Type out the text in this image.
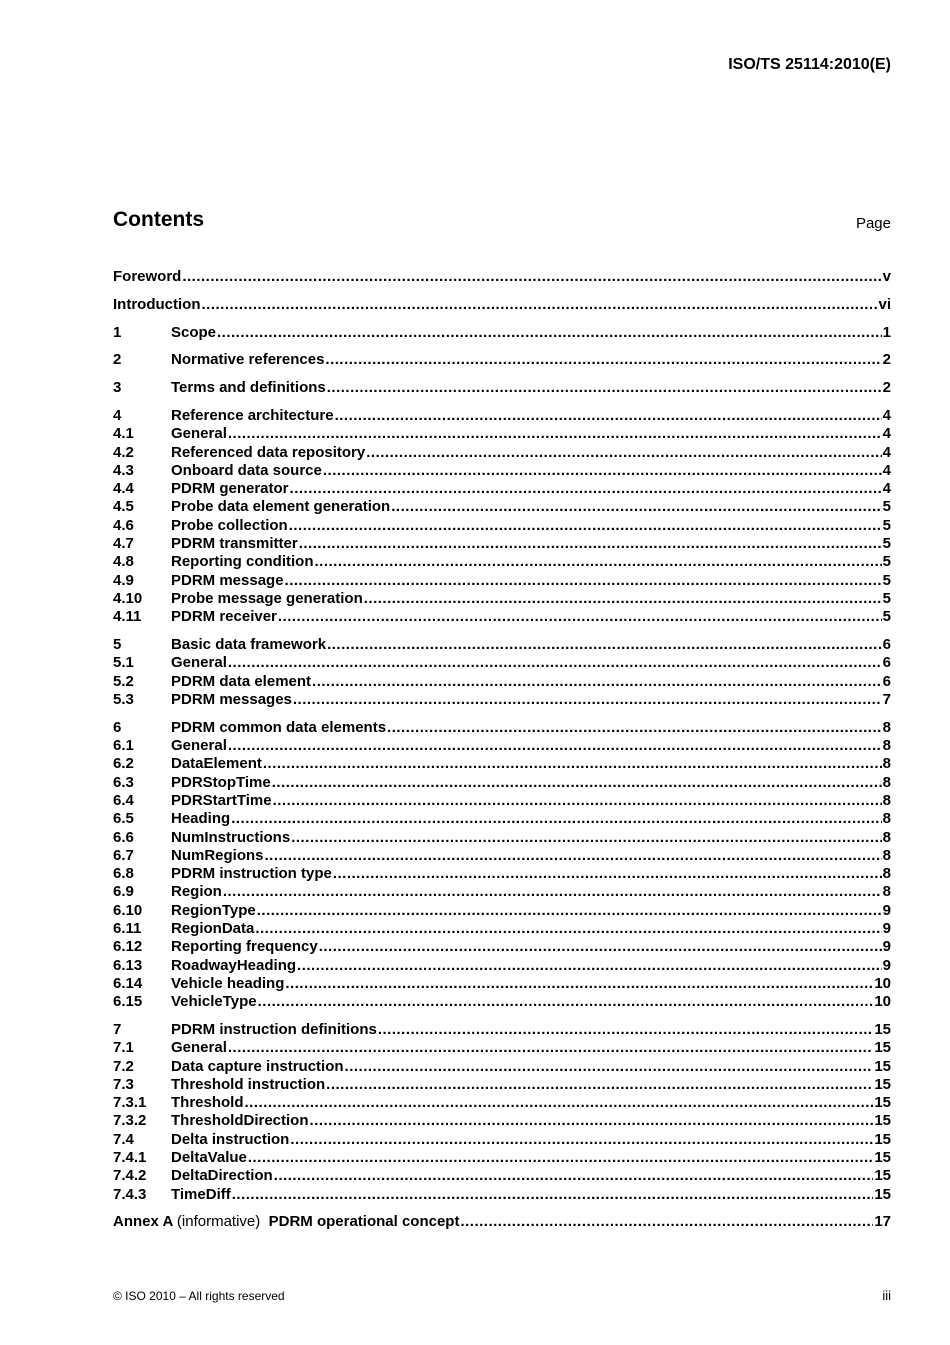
ISO/TS 25114:2010(E)
Contents	Page
Foreword .....	v
Introduction .....	vi
1	Scope .....	1
2	Normative references .....	2
3	Terms and definitions .....	2
4	Reference architecture .....	4
4.1	General .....	4
4.2	Referenced data repository .....	4
4.3	Onboard data source .....	4
4.4	PDRM generator .....	4
4.5	Probe data element generation .....	5
4.6	Probe collection .....	5
4.7	PDRM transmitter .....	5
4.8	Reporting condition .....	5
4.9	PDRM message .....	5
4.10	Probe message generation .....	5
4.11	PDRM receiver .....	5
5	Basic data framework .....	6
5.1	General .....	6
5.2	PDRM data element .....	6
5.3	PDRM messages .....	7
6	PDRM common data elements .....	8
6.1	General .....	8
6.2	DataElement .....	8
6.3	PDRStopTime .....	8
6.4	PDRStartTime .....	8
6.5	Heading .....	8
6.6	NumInstructions .....	8
6.7	NumRegions .....	8
6.8	PDRM instruction type .....	8
6.9	Region .....	8
6.10	RegionType .....	9
6.11	RegionData .....	9
6.12	Reporting frequency .....	9
6.13	RoadwayHeading .....	9
6.14	Vehicle heading .....	10
6.15	VehicleType .....	10
7	PDRM instruction definitions .....	15
7.1	General .....	15
7.2	Data capture instruction .....	15
7.3	Threshold instruction .....	15
7.3.1	Threshold .....	15
7.3.2	ThresholdDirection .....	15
7.4	Delta instruction .....	15
7.4.1	DeltaValue .....	15
7.4.2	DeltaDirection .....	15
7.4.3	TimeDiff .....	15
Annex A (informative) PDRM operational concept .....	17
© ISO 2010 – All rights reserved	iii
